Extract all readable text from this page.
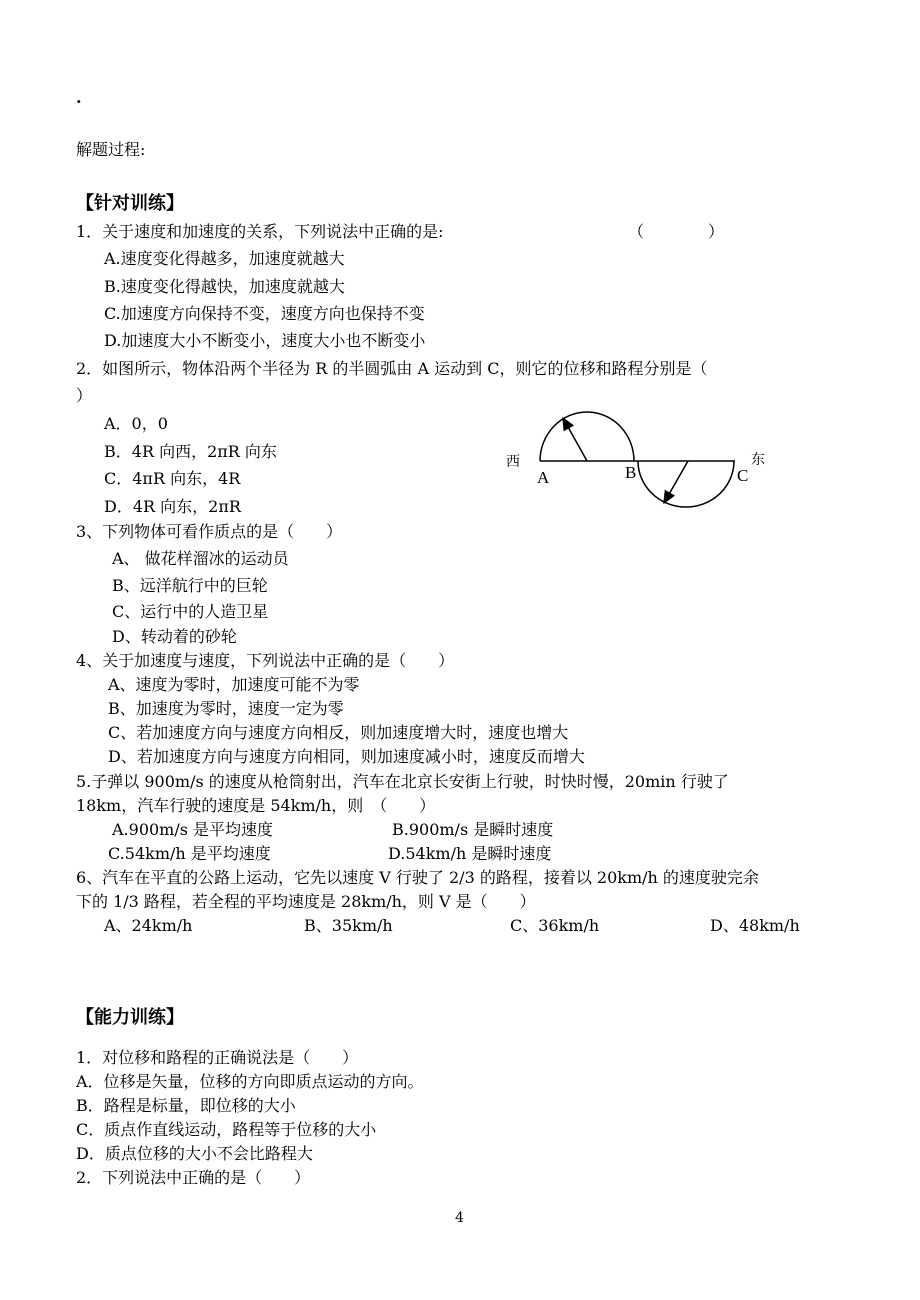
.
解题过程:
【针对训练】
1．关于速度和加速度的关系，下列说法中正确的是:	（　　　　）
A.速度变化得越多，加速度就越大
B.速度变化得越快，加速度就越大
C.加速度方向保持不变，速度方向也保持不变
D.加速度大小不断变小，速度大小也不断变小
2．如图所示，物体沿两个半径为 R 的半圆弧由 A 运动到 C，则它的位移和路程分别是（
）
A．0，0
B．4R 向西，2πR 向东
C．4πR 向东，4R
D．4R 向东，2πR
西
A	B	C
东
3、下列物体可看作质点的是（　　）
A、 做花样溜冰的运动员
B、远洋航行中的巨轮
C、运行中的人造卫星
D、转动着的砂轮
4、关于加速度与速度，下列说法中正确的是（　　）
A、速度为零时，加速度可能不为零
B、加速度为零时，速度一定为零
C、若加速度方向与速度方向相反，则加速度增大时，速度也增大
D、若加速度方向与速度方向相同，则加速度减小时，速度反而增大
5.子弹以 900m/s 的速度从枪筒射出，汽车在北京长安街上行驶，时快时慢，20min 行驶了
18km，汽车行驶的速度是 54km/h，则　（　　）
A.900m/s 是平均速度	B.900m/s 是瞬时速度
C.54km/h 是平均速度	D.54km/h 是瞬时速度
6、汽车在平直的公路上运动，它先以速度 V 行驶了 2/3 的路程，接着以 20km/h 的速度驶完余
下的 1/3 路程，若全程的平均速度是 28km/h，则 V 是（　　）
A、24km/h	B、35km/h	C、36km/h	D、48km/h
【能力训练】
1．对位移和路程的正确说法是（　　）
A．位移是矢量，位移的方向即质点运动的方向。
B．路程是标量，即位移的大小
C．质点作直线运动，路程等于位移的大小
D．质点位移的大小不会比路程大
2．下列说法中正确的是（　　）
4
